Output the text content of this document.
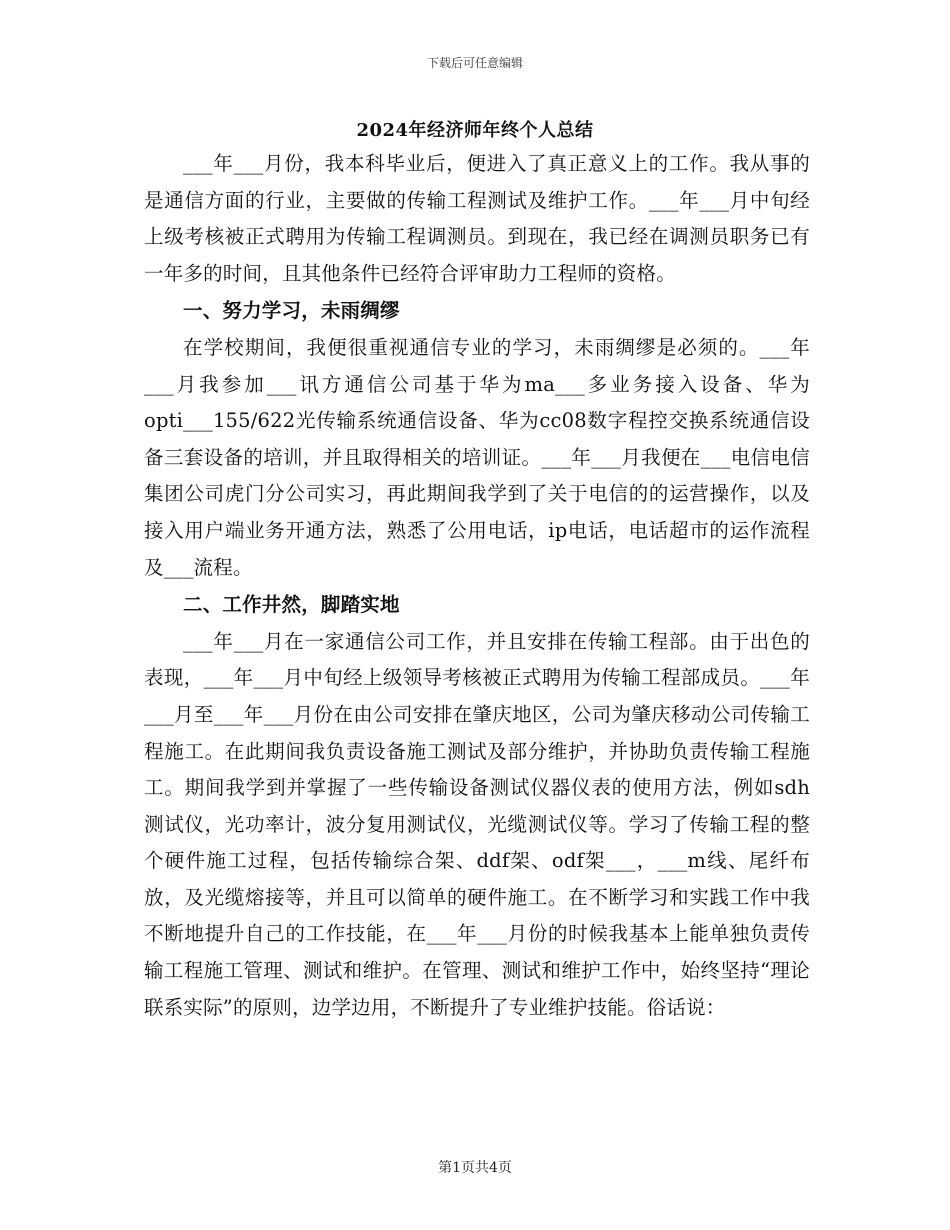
下载后可任意编辑
2024年经济师年终个人总结

___年___月份，我本科毕业后，便进入了真正意义上的工作。我从事的是通信方面的行业，主要做的传输工程测试及维护工作。___年___月中旬经上级考核被正式聘用为传输工程调测员。到现在，我已经在调测员职务已有一年多的时间，且其他条件已经符合评审助力工程师的资格。

一、努力学习，未雨绸缪

在学校期间，我便很重视通信专业的学习，未雨绸缪是必须的。___年___月我参加___讯方通信公司基于华为ma___多业务接入设备、华为opti___155/622光传输系统通信设备、华为cc08数字程控交换系统通信设备三套设备的培训，并且取得相关的培训证。___年___月我便在___电信电信集团公司虎门分公司实习，再此期间我学到了关于电信的的运营操作，以及接入用户端业务开通方法，熟悉了公用电话，ip电话，电话超市的运作流程及___流程。

二、工作井然，脚踏实地

___年___月在一家通信公司工作，并且安排在传输工程部。由于出色的表现，___年___月中旬经上级领导考核被正式聘用为传输工程部成员。___年___月至___年___月份在由公司安排在肇庆地区，公司为肇庆移动公司传输工程施工。在此期间我负责设备施工测试及部分维护，并协助负责传输工程施工。期间我学到并掌握了一些传输设备测试仪器仪表的使用方法，例如sdh测试仪，光功率计，波分复用测试仪，光缆测试仪等。学习了传输工程的整个硬件施工过程，包括传输综合架、ddf架、odf架___，___m线、尾纤布放，及光缆熔接等，并且可以简单的硬件施工。在不断学习和实践工作中我不断地提升自己的工作技能，在___年___月份的时候我基本上能单独负责传输工程施工管理、测试和维护。在管理、测试和维护工作中，始终坚持“理论联系实际”的原则，边学边用，不断提升了专业维护技能。俗话说：

第1页共4页
